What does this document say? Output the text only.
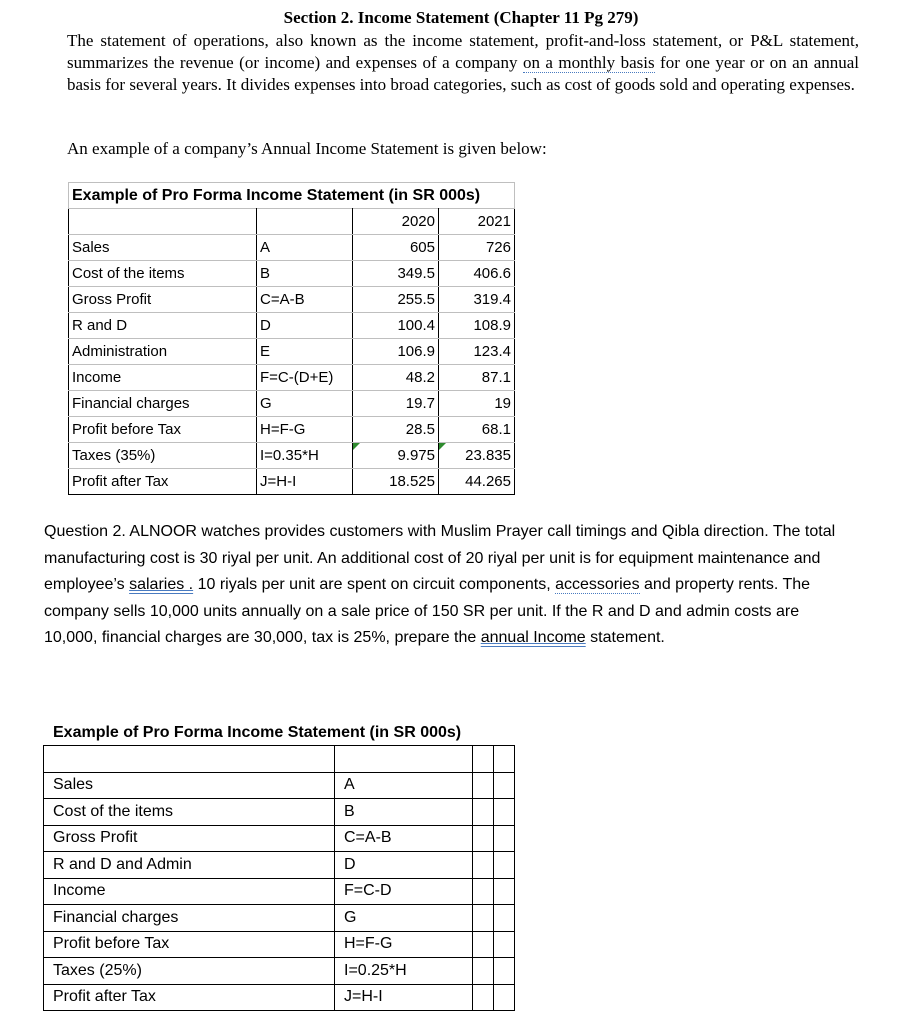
Section 2. Income Statement (Chapter 11 Pg 279)
The statement of operations, also known as the income statement, profit-and-loss statement, or P&L statement, summarizes the revenue (or income) and expenses of a company on a monthly basis for one year or on an annual basis for several years. It divides expenses into broad categories, such as cost of goods sold and operating expenses.
An example of a company’s Annual Income Statement is given below:
Example of Pro Forma Income Statement (in SR 000s)			
		2020	2021
Sales	A	605	726
Cost of the items	B	349.5	406.6
Gross Profit	C=A-B	255.5	319.4
R and D	D	100.4	108.9
Administration	E	106.9	123.4
Income	F=C-(D+E)	48.2	87.1
Financial charges	G	19.7	19
Profit before Tax	H=F-G	28.5	68.1
Taxes (35%)	I=0.35*H	9.975	23.835
Profit after Tax	J=H-I	18.525	44.265
Question 2. ALNOOR watches provides customers with Muslim Prayer call timings and Qibla direction. The total manufacturing cost is 30 riyal per unit. An additional cost of 20 riyal per unit is for equipment maintenance and employee’s salaries . 10 riyals per unit are spent on circuit components, accessories and property rents. The company sells 10,000 units annually on a sale price of 150 SR per unit. If the R and D and admin costs are 10,000, financial charges are 30,000, tax is 25%, prepare the annual Income statement.
Example of Pro Forma Income Statement (in SR 000s)

Sales	A		
Cost of the items	B		
Gross Profit	C=A-B		
R and D and Admin	D		
Income	F=C-D		
Financial charges	G		
Profit before Tax	H=F-G		
Taxes (25%)	I=0.25*H		
Profit after Tax	J=H-I		
